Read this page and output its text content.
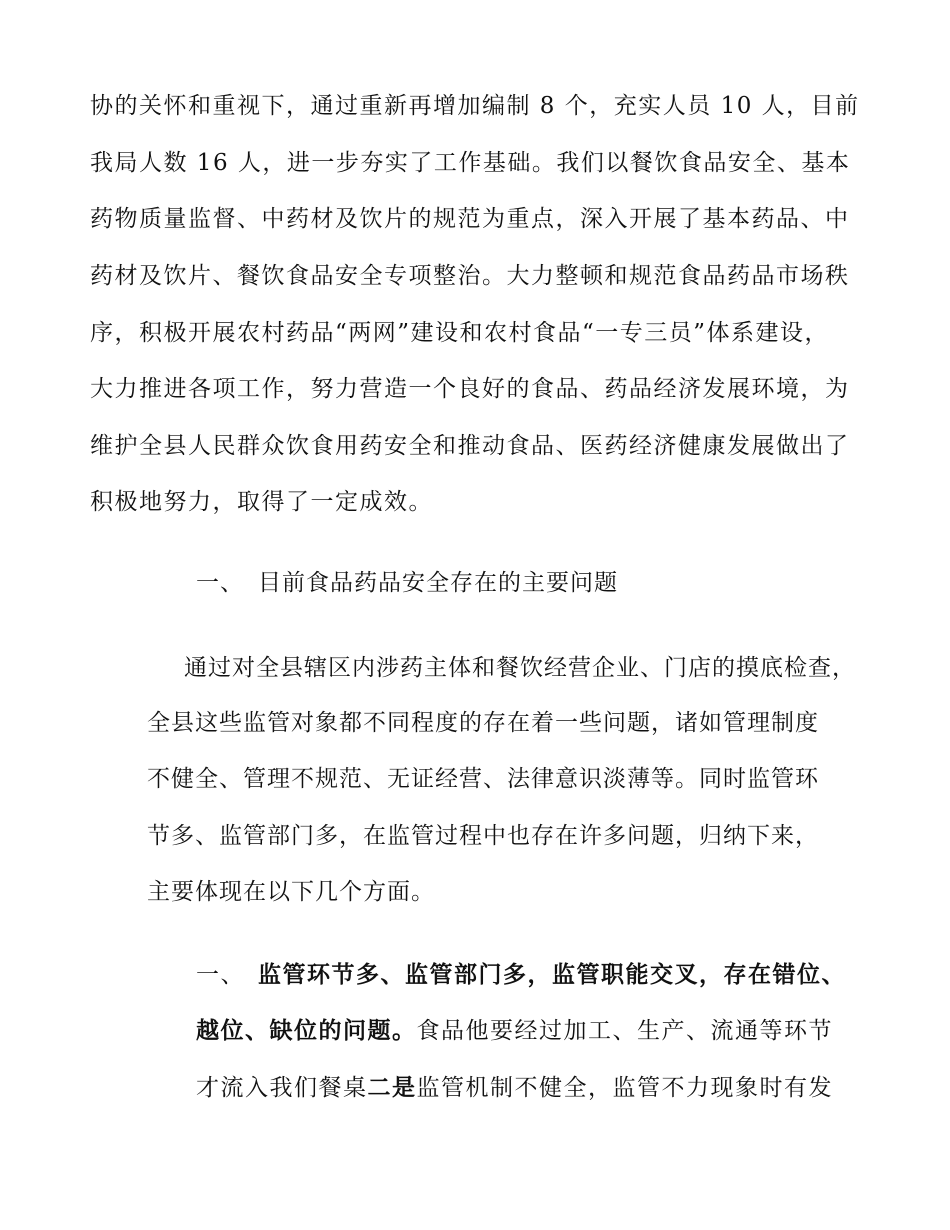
协的关怀和重视下，通过重新再增加编制 8 个，充实人员 10 人，目前
我局人数 16 人，进一步夯实了工作基础。我们以餐饮食品安全、基本
药物质量监督、中药材及饮片的规范为重点，深入开展了基本药品、中
药材及饮片、餐饮食品安全专项整治。大力整顿和规范食品药品市场秩
序，积极开展农村药品“两网”建设和农村食品“一专三员”体系建设，
大力推进各项工作，努力营造一个良好的食品、药品经济发展环境，为
维护全县人民群众饮食用药安全和推动食品、医药经济健康发展做出了
积极地努力，取得了一定成效。
一、 目前食品药品安全存在的主要问题
通过对全县辖区内涉药主体和餐饮经营企业、门店的摸底检查，
全县这些监管对象都不同程度的存在着一些问题，诸如管理制度
不健全、管理不规范、无证经营、法律意识淡薄等。同时监管环
节多、监管部门多，在监管过程中也存在许多问题，归纳下来，
主要体现在以下几个方面。
一、 监管环节多、监管部门多，监管职能交叉，存在错位、
越位、缺位的问题。食品他要经过加工、生产、流通等环节
才流入我们餐桌二是监管机制不健全，监管不力现象时有发
